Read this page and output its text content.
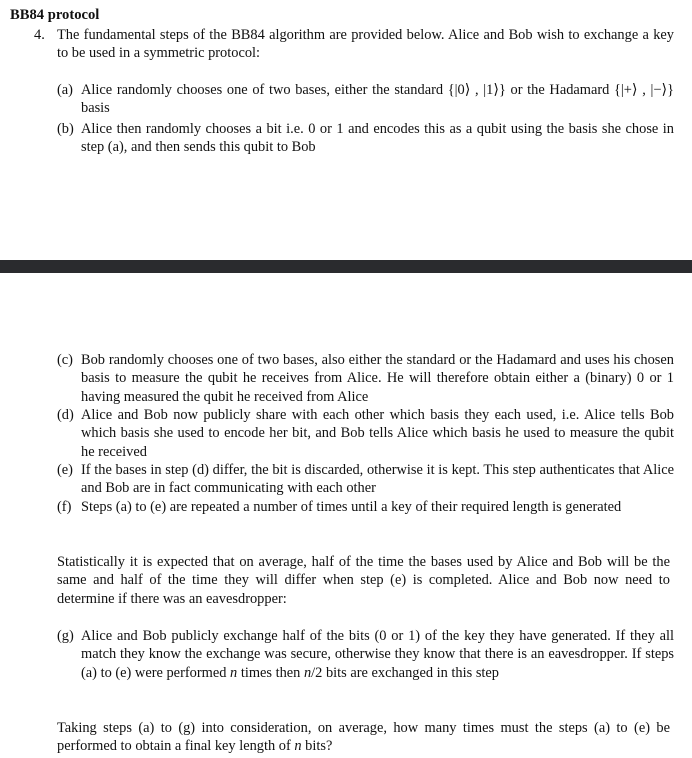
BB84 protocol
4. The fundamental steps of the BB84 algorithm are provided below. Alice and Bob wish to exchange a key to be used in a symmetric protocol:
(a) Alice randomly chooses one of two bases, either the standard {|0⟩ , |1⟩} or the Hadamard {|+⟩ , |−⟩} basis
(b) Alice then randomly chooses a bit i.e. 0 or 1 and encodes this as a qubit using the basis she chose in step (a), and then sends this qubit to Bob
(c) Bob randomly chooses one of two bases, also either the standard or the Hadamard and uses his chosen basis to measure the qubit he receives from Alice. He will therefore obtain either a (binary) 0 or 1 having measured the qubit he received from Alice
(d) Alice and Bob now publicly share with each other which basis they each used, i.e. Alice tells Bob which basis she used to encode her bit, and Bob tells Alice which basis he used to measure the qubit he received
(e) If the bases in step (d) differ, the bit is discarded, otherwise it is kept. This step authenticates that Alice and Bob are in fact communicating with each other
(f) Steps (a) to (e) are repeated a number of times until a key of their required length is generated
Statistically it is expected that on average, half of the time the bases used by Alice and Bob will be the same and half of the time they will differ when step (e) is completed. Alice and Bob now need to determine if there was an eavesdropper:
(g) Alice and Bob publicly exchange half of the bits (0 or 1) of the key they have generated. If they all match they know the exchange was secure, otherwise they know that there is an eavesdropper. If steps (a) to (e) were performed n times then n/2 bits are exchanged in this step
Taking steps (a) to (g) into consideration, on average, how many times must the steps (a) to (e) be performed to obtain a final key length of n bits?
